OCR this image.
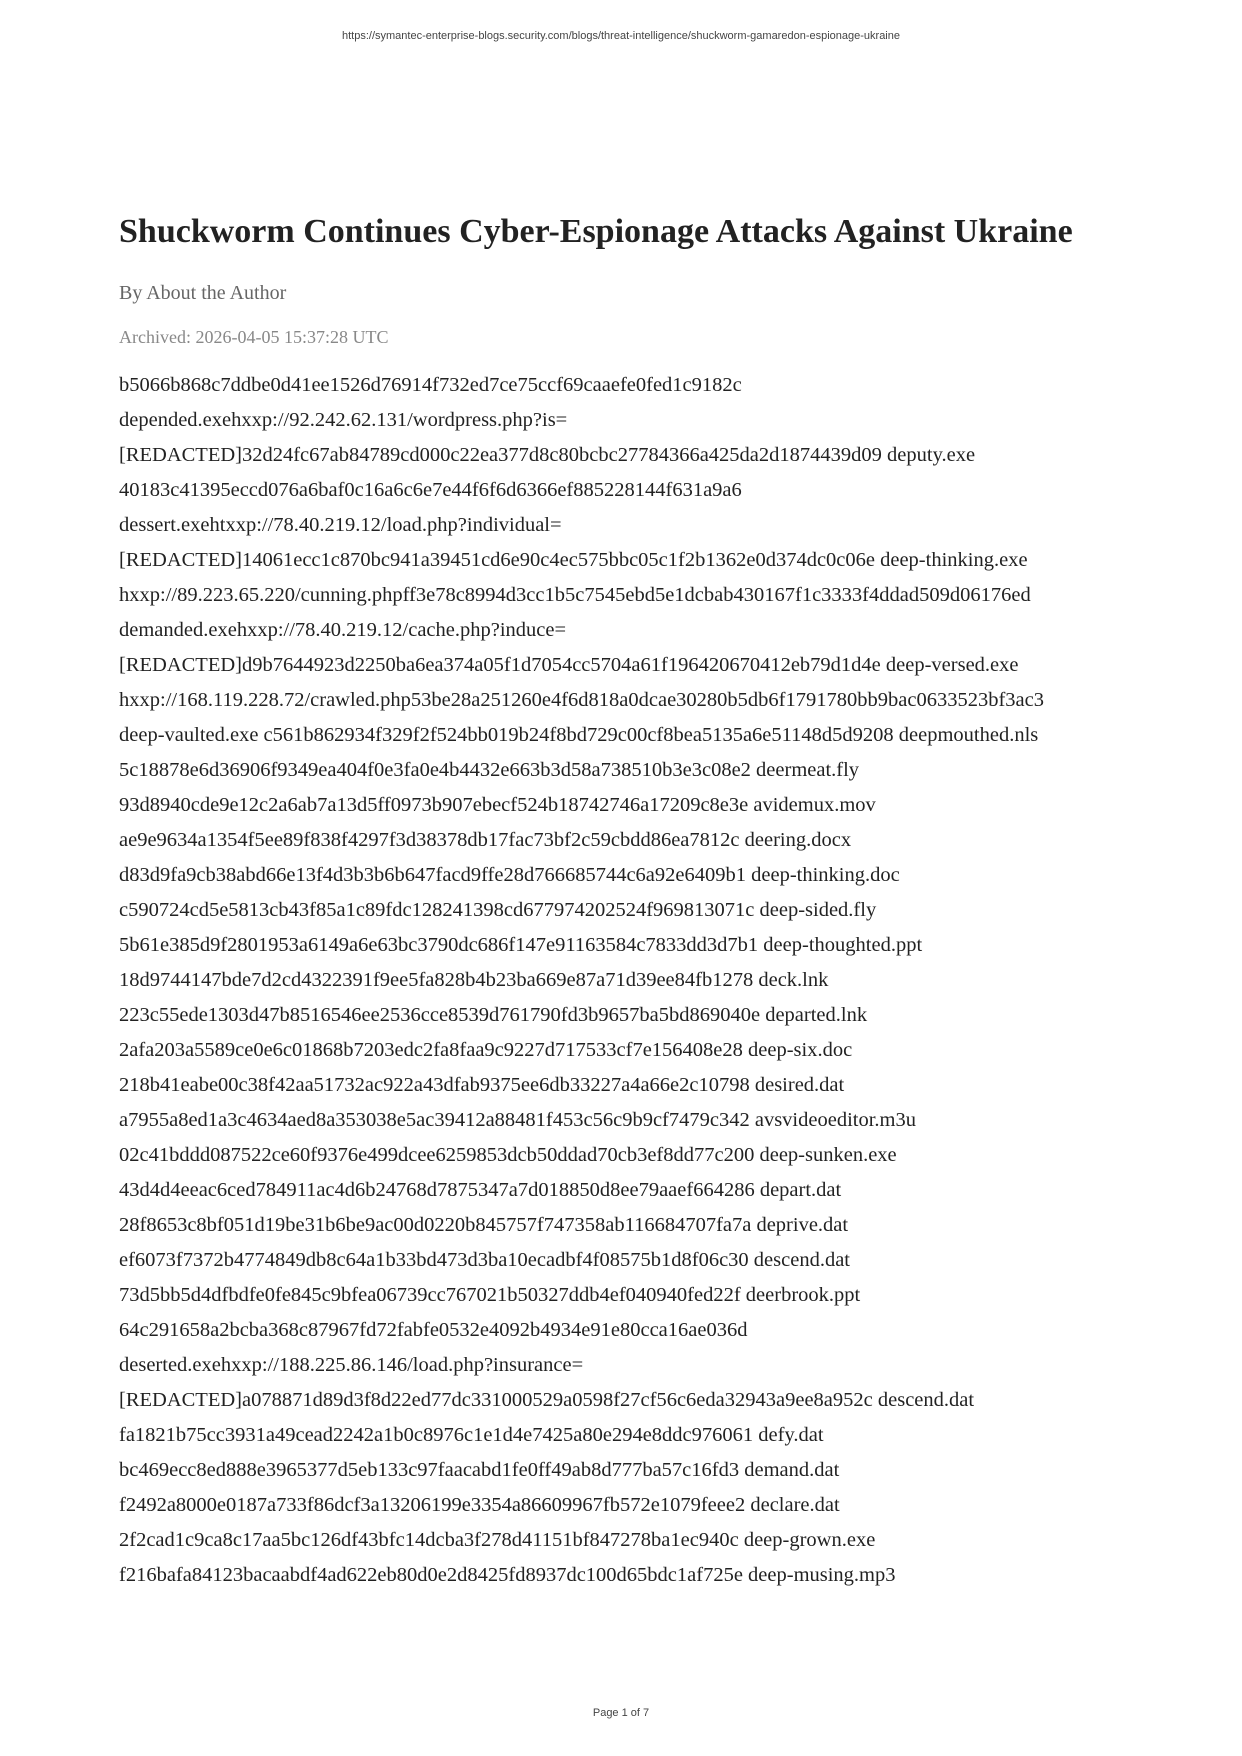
https://symantec-enterprise-blogs.security.com/blogs/threat-intelligence/shuckworm-gamaredon-espionage-ukraine
Shuckworm Continues Cyber-Espionage Attacks Against Ukraine
By About the Author
Archived: 2026-04-05 15:37:28 UTC
b5066b868c7ddbe0d41ee1526d76914f732ed7ce75ccf69caaefe0fed1c9182c
depended.exehxxp://92.242.62.131/wordpress.php?is=
[REDACTED]32d24fc67ab84789cd000c22ea377d8c80bcbc27784366a425da2d1874439d09 deputy.exe
40183c41395eccd076a6baf0c16a6c6e7e44f6f6d6366ef885228144f631a9a6
dessert.exehtxxp://78.40.219.12/load.php?individual=
[REDACTED]14061ecc1c870bc941a39451cd6e90c4ec575bbc05c1f2b1362e0d374dc0c06e deep-thinking.exe
hxxp://89.223.65.220/cunning.phpff3e78c8994d3cc1b5c7545ebd5e1dcbab430167f1c3333f4ddad509d06176ed
demanded.exehxxp://78.40.219.12/cache.php?induce=
[REDACTED]d9b7644923d2250ba6ea374a05f1d7054cc5704a61f196420670412eb79d1d4e deep-versed.exe
hxxp://168.119.228.72/crawled.php53be28a251260e4f6d818a0dcae30280b5db6f1791780bb9bac0633523bf3ac3
deep-vaulted.exe c561b862934f329f2f524bb019b24f8bd729c00cf8bea5135a6e51148d5d9208 deepmouthed.nls
5c18878e6d36906f9349ea404f0e3fa0e4b4432e663b3d58a738510b3e3c08e2 deermeat.fly
93d8940cde9e12c2a6ab7a13d5ff0973b907ebecf524b18742746a17209c8e3e avidemux.mov
ae9e9634a1354f5ee89f838f4297f3d38378db17fac73bf2c59cbdd86ea7812c deering.docx
d83d9fa9cb38abd66e13f4d3b3b6b647facd9ffe28d766685744c6a92e6409b1 deep-thinking.doc
c590724cd5e5813cb43f85a1c89fdc128241398cd677974202524f969813071c deep-sided.fly
5b61e385d9f2801953a6149a6e63bc3790dc686f147e91163584c7833dd3d7b1 deep-thoughted.ppt
18d9744147bde7d2cd4322391f9ee5fa828b4b23ba669e87a71d39ee84fb1278 deck.lnk
223c55ede1303d47b8516546ee2536cce8539d761790fd3b9657ba5bd869040e departed.lnk
2afa203a5589ce0e6c01868b7203edc2fa8faa9c9227d717533cf7e156408e28 deep-six.doc
218b41eabe00c38f42aa51732ac922a43dfab9375ee6db33227a4a66e2c10798 desired.dat
a7955a8ed1a3c4634aed8a353038e5ac39412a88481f453c56c9b9cf7479c342 avsvideoeditor.m3u
02c41bddd087522ce60f9376e499dcee6259853dcb50ddad70cb3ef8dd77c200 deep-sunken.exe
43d4d4eeac6ced784911ac4d6b24768d7875347a7d018850d8ee79aaef664286 depart.dat
28f8653c8bf051d19be31b6be9ac00d0220b845757f747358ab116684707fa7a deprive.dat
ef6073f7372b4774849db8c64a1b33bd473d3ba10ecadbf4f08575b1d8f06c30 descend.dat
73d5bb5d4dfbdfe0fe845c9bfea06739cc767021b50327ddb4ef040940fed22f deerbrook.ppt
64c291658a2bcba368c87967fd72fabfe0532e4092b4934e91e80cca16ae036d
deserted.exehxxp://188.225.86.146/load.php?insurance=
[REDACTED]a078871d89d3f8d22ed77dc331000529a0598f27cf56c6eda32943a9ee8a952c descend.dat
fa1821b75cc3931a49cead2242a1b0c8976c1e1d4e7425a80e294e8ddc976061 defy.dat
bc469ecc8ed888e3965377d5eb133c97faacabd1fe0ff49ab8d777ba57c16fd3 demand.dat
f2492a8000e0187a733f86dcf3a13206199e3354a86609967fb572e1079feee2 declare.dat
2f2cad1c9ca8c17aa5bc126df43bfc14dcba3f278d41151bf847278ba1ec940c deep-grown.exe
f216bafa84123bacaabdf4ad622eb80d0e2d8425fd8937dc100d65bdc1af725e deep-musing.mp3
Page 1 of 7
